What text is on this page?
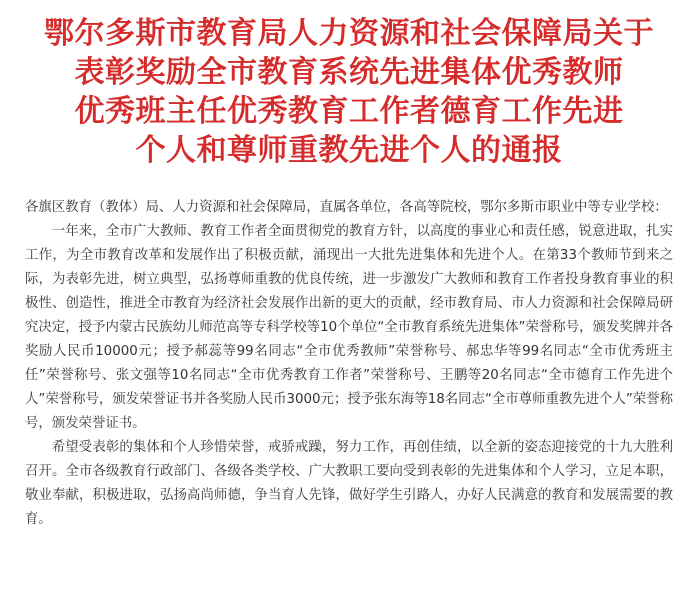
鄂尔多斯市教育局人力资源和社会保障局关于
表彰奖励全市教育系统先进集体优秀教师
优秀班主任优秀教育工作者德育工作先进
个人和尊师重教先进个人的通报

各旗区教育（教体）局、人力资源和社会保障局，直属各单位，各高等院校，鄂尔多斯市职业中等专业学校：

一年来，全市广大教师、教育工作者全面贯彻党的教育方针，以高度的事业心和责任感，锐意进取，扎实工作，为全市教育改革和发展作出了积极贡献，涌现出一大批先进集体和先进个人。在第33个教师节到来之际，为表彰先进，树立典型，弘扬尊师重教的优良传统，进一步激发广大教师和教育工作者投身教育事业的积极性、创造性，推进全市教育为经济社会发展作出新的更大的贡献，经市教育局、市人力资源和社会保障局研究决定，授予内蒙古民族幼儿师范高等专科学校等10个单位“全市教育系统先进集体”荣誉称号，颁发奖牌并各奖励人民币10000元；授予郝蕊等99名同志“全市优秀教师”荣誉称号、郝忠华等99名同志“全市优秀班主任”荣誉称号、张文强等10名同志“全市优秀教育工作者”荣誉称号、王鹏等20名同志“全市德育工作先进个人”荣誉称号，颁发荣誉证书并各奖励人民币3000元；授予张东海等18名同志“全市尊师重教先进个人”荣誉称号，颁发荣誉证书。

希望受表彰的集体和个人珍惜荣誉，戒骄戒躁，努力工作，再创佳绩，以全新的姿态迎接党的十九大胜利召开。全市各级教育行政部门、各级各类学校、广大教职工要向受到表彰的先进集体和个人学习，立足本职，敬业奉献，积极进取，弘扬高尚师德，争当育人先锋，做好学生引路人，办好人民满意的教育和发展需要的教育。
